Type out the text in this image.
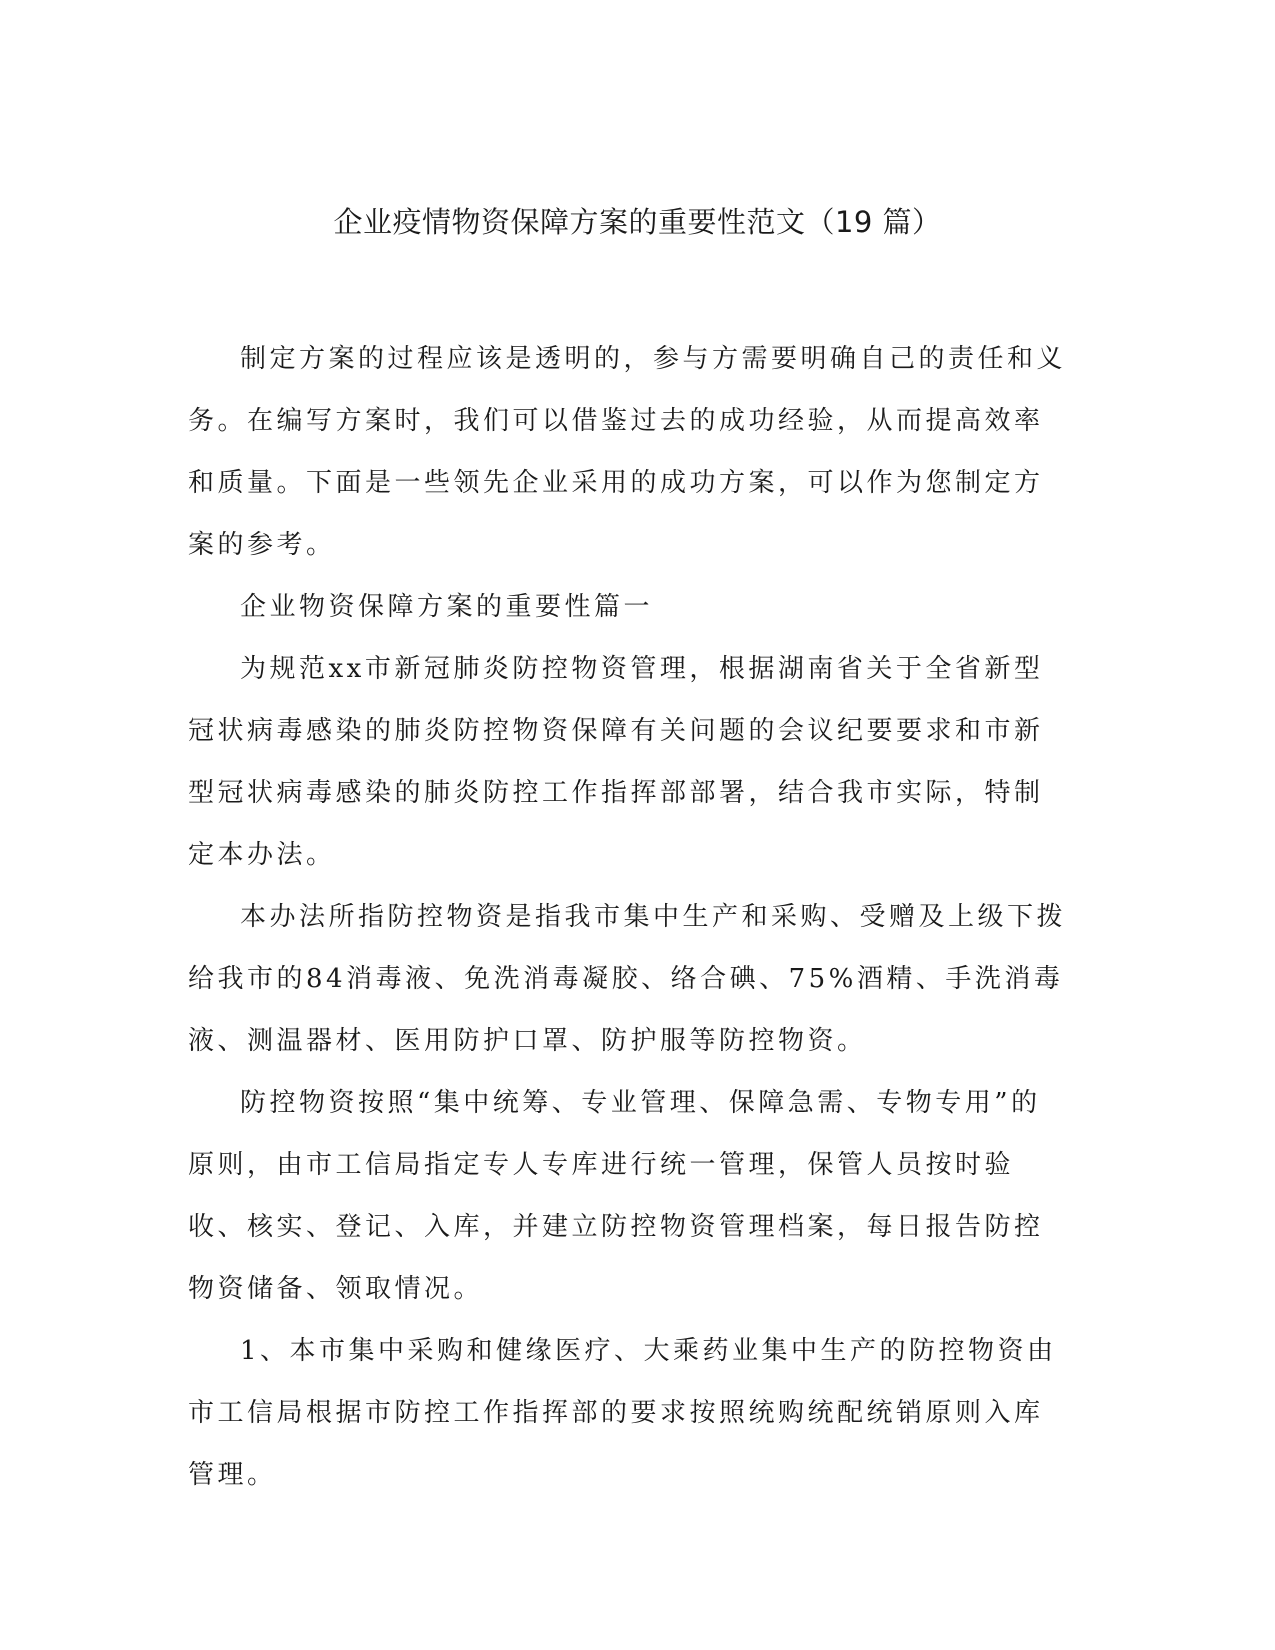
企业疫情物资保障方案的重要性范文（19 篇）

制定方案的过程应该是透明的，参与方需要明确自己的责任和义务。在编写方案时，我们可以借鉴过去的成功经验，从而提高效率和质量。下面是一些领先企业采用的成功方案，可以作为您制定方案的参考。

企业物资保障方案的重要性篇一

为规范xx市新冠肺炎防控物资管理，根据湖南省关于全省新型冠状病毒感染的肺炎防控物资保障有关问题的会议纪要要求和市新型冠状病毒感染的肺炎防控工作指挥部部署，结合我市实际，特制定本办法。

本办法所指防控物资是指我市集中生产和采购、受赠及上级下拨给我市的84消毒液、免洗消毒凝胶、络合碘、75%酒精、手洗消毒液、测温器材、医用防护口罩、防护服等防控物资。

防控物资按照“集中统筹、专业管理、保障急需、专物专用”的原则，由市工信局指定专人专库进行统一管理，保管人员按时验收、核实、登记、入库，并建立防控物资管理档案，每日报告防控物资储备、领取情况。

1、本市集中采购和健缘医疗、大乘药业集中生产的防控物资由市工信局根据市防控工作指挥部的要求按照统购统配统销原则入库管理。
